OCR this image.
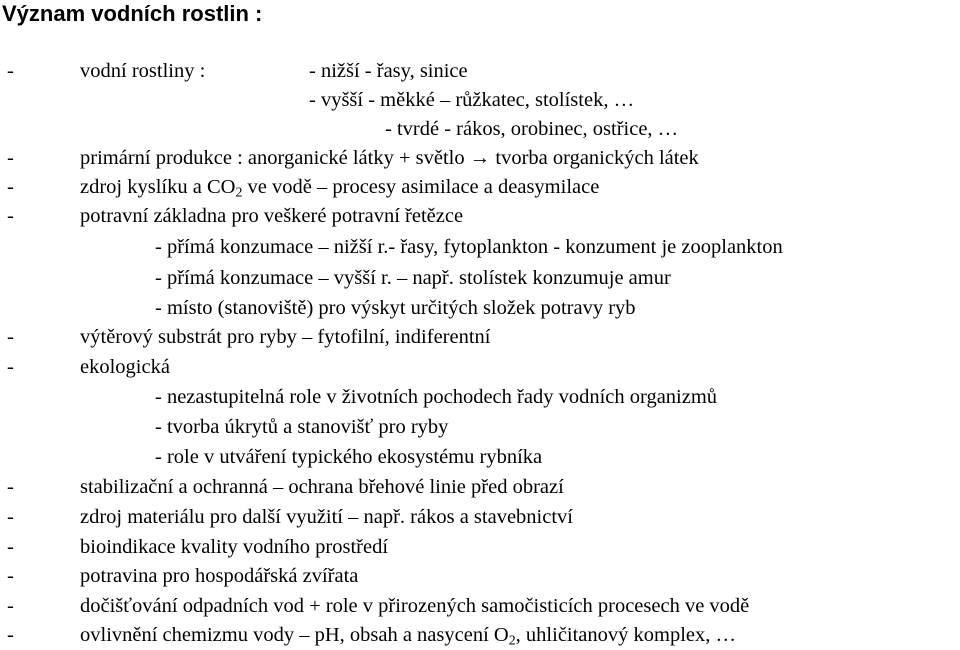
Význam vodních rostlin :
-	vodní rostliny :	- nižší - řasy, sinice
- vyšší - měkké – růžkatec, stolístek, …
- tvrdé - rákos, orobinec, ostřice, …
-	primární produkce : anorganické látky + světlo → tvorba organických látek
-	zdroj kyslíku a $CO_2$ ve vodě – procesy asimilace a deasymilace
-	potravní základna pro veškeré potravní řetězce
- přímá konzumace – nižší r.- řasy, fytoplankton - konzument je zooplankton
- přímá konzumace – vyšší r. – např. stolístek konzumuje amur
- místo (stanoviště) pro výskyt určitých složek potravy ryb
-	výtěrový substrát pro ryby – fytofilní, indiferentní
-	ekologická
- nezastupitelná role v životních pochodech řady vodních organizmů
- tvorba úkrytů a stanovišť pro ryby
- role v utváření typického ekosystému rybníka
-	stabilizační a ochranná – ochrana břehové linie před obrazí
-	zdroj materiálu pro další využití – např. rákos a stavebnictví
-	bioindikace kvality vodního prostředí
-	potravina pro hospodářská zvířata
-	dočišťování odpadních vod + role v přirozených samočisticích procesech ve vodě
-	ovlivnění chemizmu vody – pH, obsah a nasycení $O_2$, uhličitanový komplex, …
